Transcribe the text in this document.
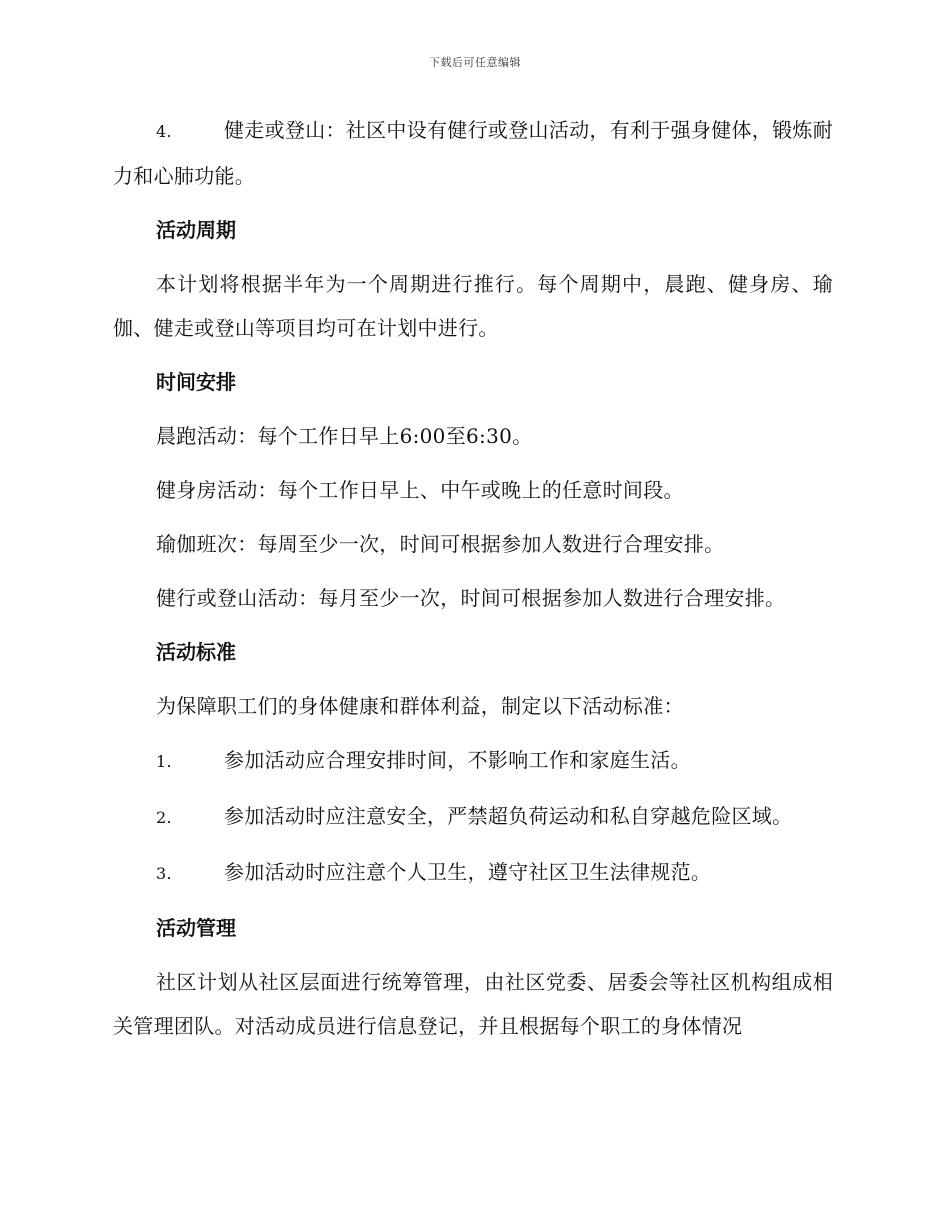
下载后可任意编辑

4.	健走或登山：社区中设有健行或登山活动，有利于强身健体，锻炼耐力和心肺功能。

活动周期

本计划将根据半年为一个周期进行推行。每个周期中，晨跑、健身房、瑜伽、健走或登山等项目均可在计划中进行。

时间安排

晨跑活动：每个工作日早上6:00至6:30。

健身房活动：每个工作日早上、中午或晚上的任意时间段。

瑜伽班次：每周至少一次，时间可根据参加人数进行合理安排。

健行或登山活动：每月至少一次，时间可根据参加人数进行合理安排。

活动标准

为保障职工们的身体健康和群体利益，制定以下活动标准：

1.	参加活动应合理安排时间，不影响工作和家庭生活。

2.	参加活动时应注意安全，严禁超负荷运动和私自穿越危险区域。

3.	参加活动时应注意个人卫生，遵守社区卫生法律规范。

活动管理

社区计划从社区层面进行统筹管理，由社区党委、居委会等社区机构组成相关管理团队。对活动成员进行信息登记，并且根据每个职工的身体情况
